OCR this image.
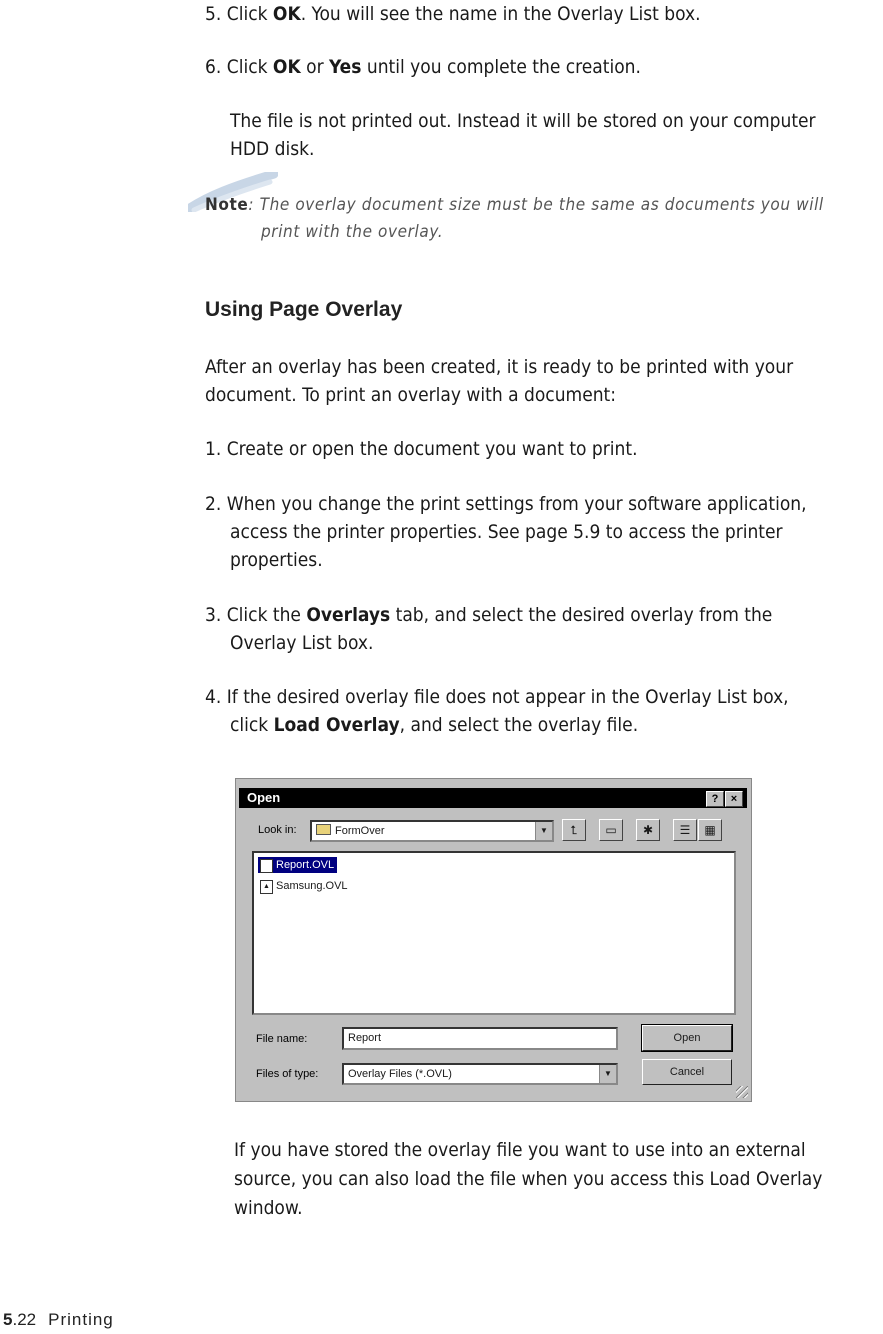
5. Click OK. You will see the name in the Overlay List box.

6. Click OK or Yes until you complete the creation.

The file is not printed out. Instead it will be stored on your computer

HDD disk.

Note: The overlay document size must be the same as documents you will
print with the overlay.
Using Page Overlay

After an overlay has been created, it is ready to be printed with your

document. To print an overlay with a document:

1. Create or open the document you want to print.

2. When you change the print settings from your software application,

access the printer properties. See page 5.9 to access the printer

properties.

3. Click the Overlays tab, and select the desired overlay from the

Overlay List box.

4. If the desired overlay file does not appear in the Overlay List box,

click Load Overlay, and select the overlay file.

Open	?	×
Look in:	FormOver	▼	⮤	▭	✱	☰	▦
▲ Report.OVL
▲ Samsung.OVL
File name:	Report
Files of type:	Overlay Files (*.OVL)	▼
Open
Cancel

If you have stored the overlay file you want to use into an external

source, you can also load the file when you access this Load Overlay

window.

5.22 Printing
